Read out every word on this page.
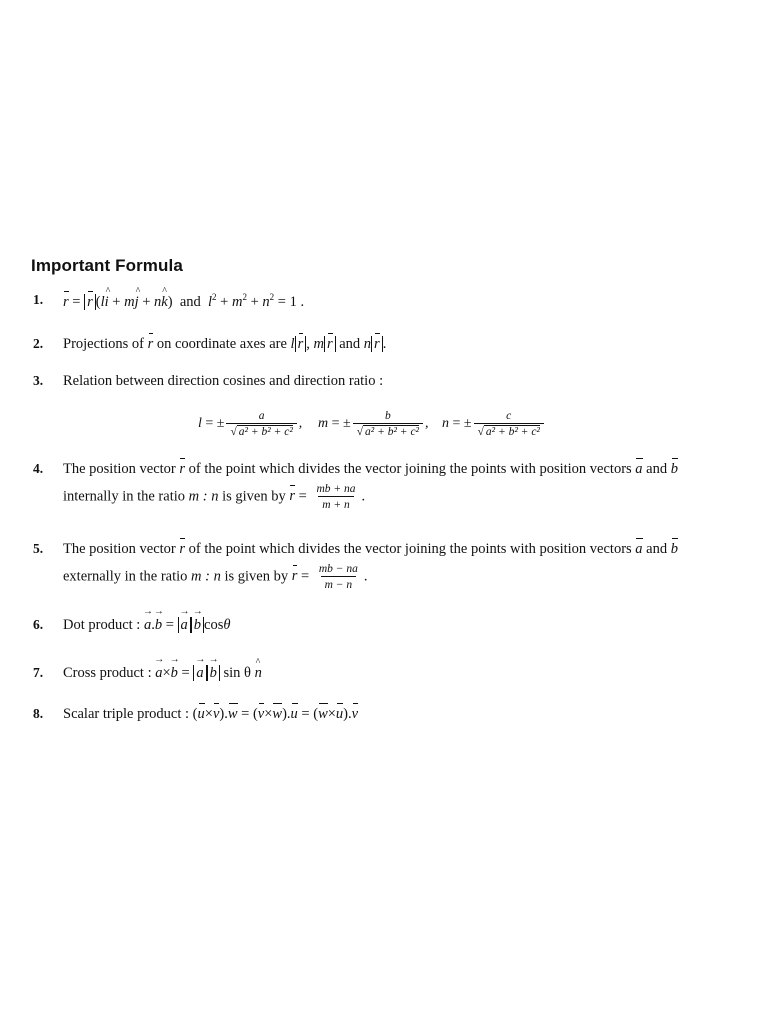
Important Formula
1. r = r (l^ i + m^ j + n^ k)  and  $l^2 + m^2 + n^2 = 1$ .
2. Projections of r on coordinate axes are l r , m r and n r .
3. Relation between direction cosines and direction ratio :
l = ± $\frac{a}{\text{√ a² + b² + c²}}$ , m = ± $\frac{b}{\text{√ a² + b² + c²}}$ , n = ± $\frac{c}{\text{√ a² + b² + c²}}$
4. The position vector r of the point which divides the vector joining the points with position vectors a and b
internally in the ratio m : n is given by $r = \frac{mb + na}{m + n}$ .
5. The position vector r of the point which divides the vector joining the points with position vectors a and b
externally in the ratio m : n is given by $r = \frac{mb - na}{m - n}$ .
6. Dot product : → a.→ b = → a → b cosθ
7. Cross product : → a×→ b = → a → b sin θ ^ n
8. Scalar triple product : (u×v).w = (v×w).u = (w×u).v
